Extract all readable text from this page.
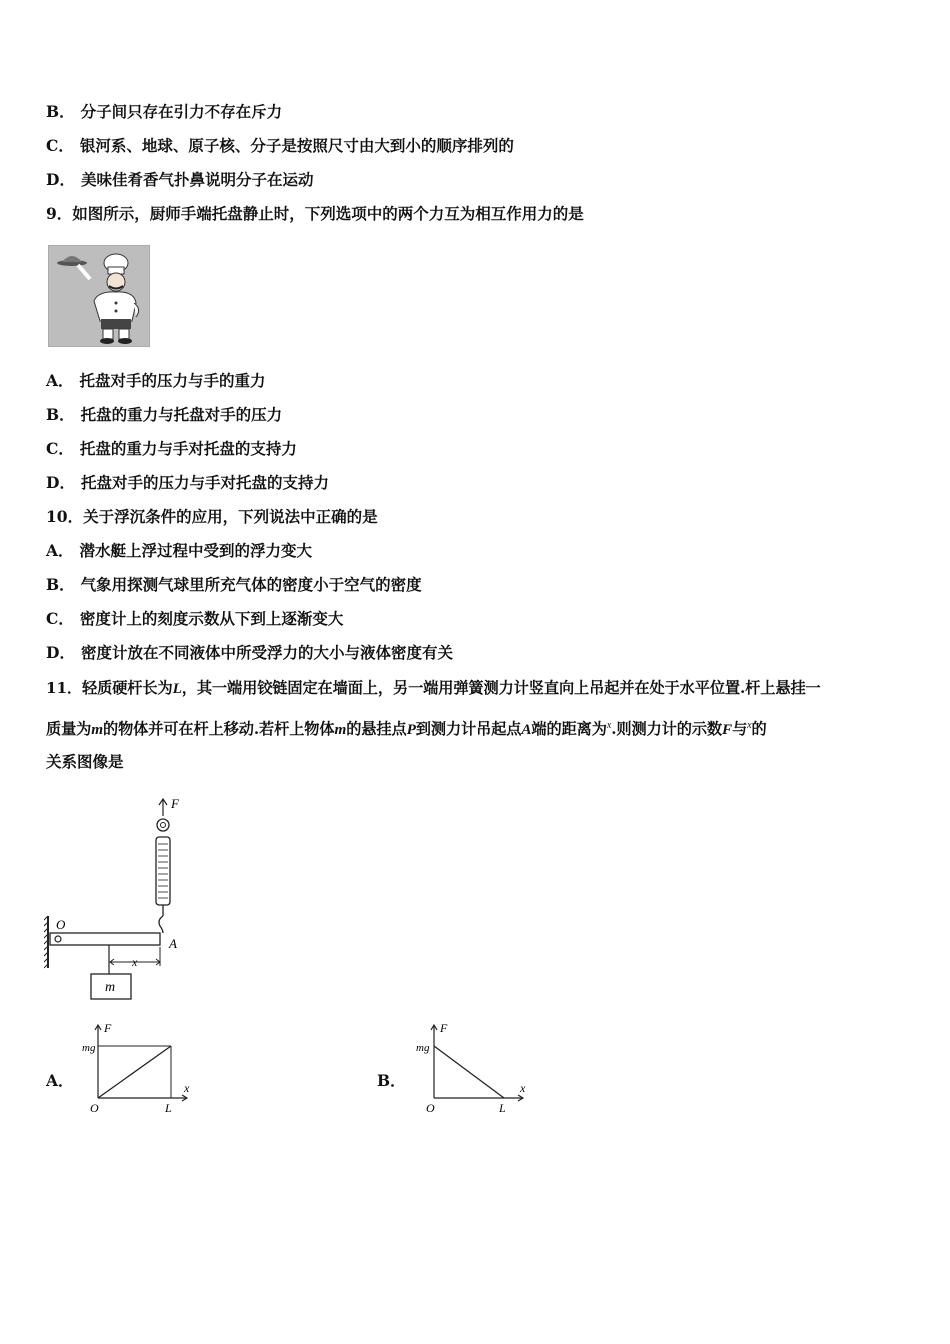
B． 分子间只存在引力不存在斥力
C． 银河系、地球、原子核、分子是按照尺寸由大到小的顺序排列的
D． 美味佳肴香气扑鼻说明分子在运动
9．如图所示，厨师手端托盘静止时，下列选项中的两个力互为相互作用力的是
A． 托盘对手的压力与手的重力
B． 托盘的重力与托盘对手的压力
C． 托盘的重力与手对托盘的支持力
D． 托盘对手的压力与手对托盘的支持力
10．关于浮沉条件的应用，下列说法中正确的是
A． 潜水艇上浮过程中受到的浮力变大
B． 气象用探测气球里所充气体的密度小于空气的密度
C． 密度计上的刻度示数从下到上逐渐变大
D． 密度计放在不同液体中所受浮力的大小与液体密度有关
11．轻质硬杆长为L，其一端用铰链固定在墙面上，另一端用弹簧测力计竖直向上吊起并在处于水平位置.杆上悬挂一
质量为m的物体并可在杆上移动.若杆上物体m的悬挂点P到测力计吊起点A端的距离为$^x$.则测力计的示数F与$^x$的
关系图像是
F
O
A
x
m
A．
F
mg
O	L
x	B．
F
mg
O	L
x
